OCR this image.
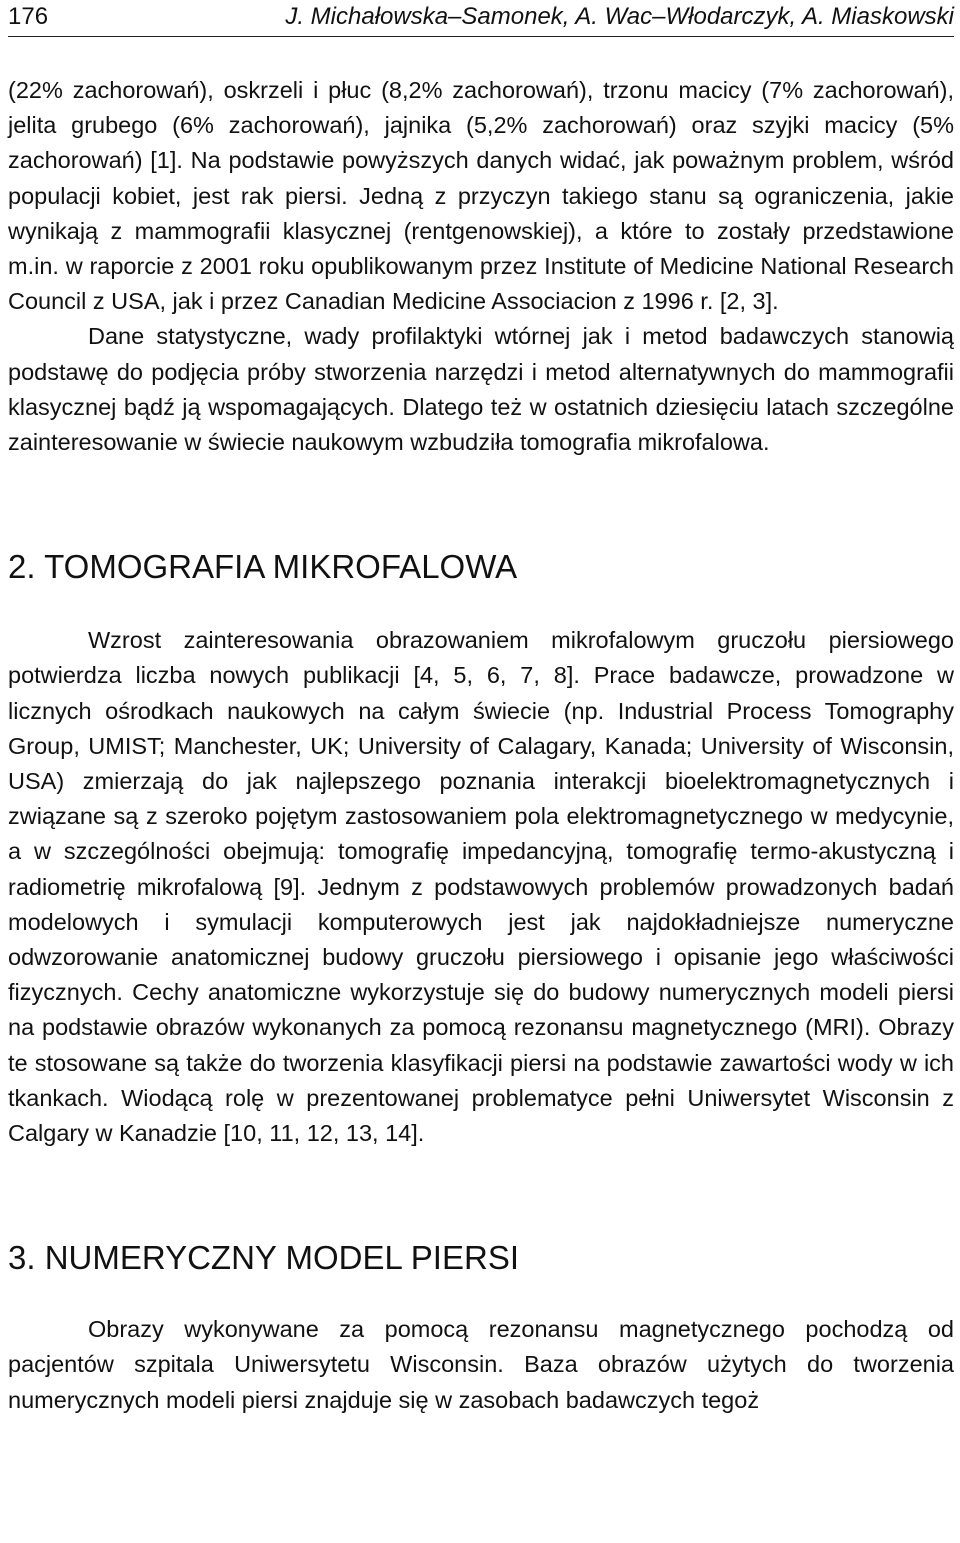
176	J. Michałowska–Samonek, A. Wac–Włodarczyk, A. Miaskowski

(22% zachorowań), oskrzeli i płuc (8,2% zachorowań), trzonu macicy (7% zachorowań), jelita grubego (6% zachorowań), jajnika (5,2% zachorowań) oraz szyjki macicy (5% zachorowań) [1]. Na podstawie powyższych danych widać, jak poważnym problem, wśród populacji kobiet, jest rak piersi. Jedną z przyczyn takiego stanu są ograniczenia, jakie wynikają z mammografii klasycznej (rentgenowskiej), a które to zostały przedstawione m.in. w raporcie z 2001 roku opublikowanym przez Institute of Medicine National Research Council z USA, jak i przez Canadian Medicine Associacion z 1996 r. [2, 3].

Dane statystyczne, wady profilaktyki wtórnej jak i metod badawczych stanowią podstawę do podjęcia próby stworzenia narzędzi i metod alternatywnych do mammografii klasycznej bądź ją wspomagających. Dlatego też w ostatnich dziesięciu latach szczególne zainteresowanie w świecie naukowym wzbudziła tomografia mikrofalowa.

2. TOMOGRAFIA MIKROFALOWA

Wzrost zainteresowania obrazowaniem mikrofalowym gruczołu piersiowego potwierdza liczba nowych publikacji [4, 5, 6, 7, 8]. Prace badawcze, prowadzone w licznych ośrodkach naukowych na całym świecie (np. Industrial Process Tomography Group, UMIST; Manchester, UK; University of Calagary, Kanada; University of Wisconsin, USA) zmierzają do jak najlepszego poznania interakcji bioelektromagnetycznych i związane są z szeroko pojętym zastosowaniem pola elektromagnetycznego w medycynie, a w szczególności obejmują: tomografię impedancyjną, tomografię termo-akustyczną i radiometrię mikrofalową [9]. Jednym z podstawowych problemów prowadzonych badań modelowych i symulacji komputerowych jest jak najdokładniejsze numeryczne odwzorowanie anatomicznej budowy gruczołu piersiowego i opisanie jego właściwości fizycznych. Cechy anatomiczne wykorzystuje się do budowy numerycznych modeli piersi na podstawie obrazów wykonanych za pomocą rezonansu magnetycznego (MRI). Obrazy te stosowane są także do tworzenia klasyfikacji piersi na podstawie zawartości wody w ich tkankach. Wiodącą rolę w prezentowanej problematyce pełni Uniwersytet Wisconsin z Calgary w Kanadzie [10, 11, 12, 13, 14].

3. NUMERYCZNY MODEL PIERSI

Obrazy wykonywane za pomocą rezonansu magnetycznego pochodzą od pacjentów szpitala Uniwersytetu Wisconsin. Baza obrazów użytych do tworzenia numerycznych modeli piersi znajduje się w zasobach badawczych tegoż
